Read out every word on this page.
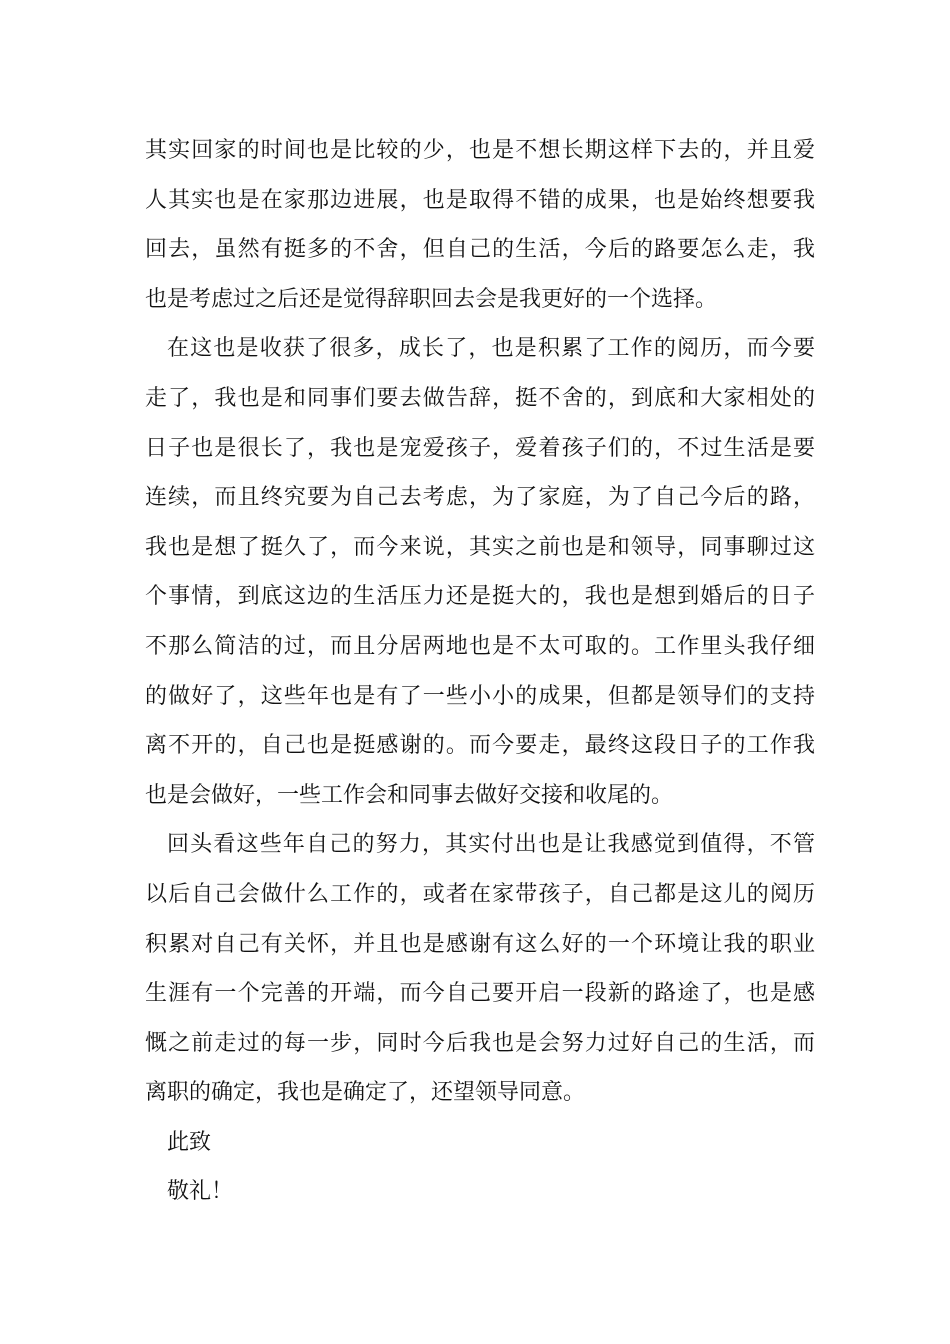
其实回家的时间也是比较的少，也是不想长期这样下去的，并且爱
人其实也是在家那边进展，也是取得不错的成果，也是始终想要我
回去，虽然有挺多的不舍，但自己的生活，今后的路要怎么走，我
也是考虑过之后还是觉得辞职回去会是我更好的一个选择。
在这也是收获了很多，成长了，也是积累了工作的阅历，而今要
走了，我也是和同事们要去做告辞，挺不舍的，到底和大家相处的
日子也是很长了，我也是宠爱孩子，爱着孩子们的，不过生活是要
连续，而且终究要为自己去考虑，为了家庭，为了自己今后的路，
我也是想了挺久了，而今来说，其实之前也是和领导，同事聊过这
个事情，到底这边的生活压力还是挺大的，我也是想到婚后的日子
不那么简洁的过，而且分居两地也是不太可取的。工作里头我仔细
的做好了，这些年也是有了一些小小的成果，但都是领导们的支持
离不开的，自己也是挺感谢的。而今要走，最终这段日子的工作我
也是会做好，一些工作会和同事去做好交接和收尾的。
回头看这些年自己的努力，其实付出也是让我感觉到值得，不管
以后自己会做什么工作的，或者在家带孩子，自己都是这儿的阅历
积累对自己有关怀，并且也是感谢有这么好的一个环境让我的职业
生涯有一个完善的开端，而今自己要开启一段新的路途了，也是感
慨之前走过的每一步，同时今后我也是会努力过好自己的生活，而
离职的确定，我也是确定了，还望领导同意。
此致
敬礼！
